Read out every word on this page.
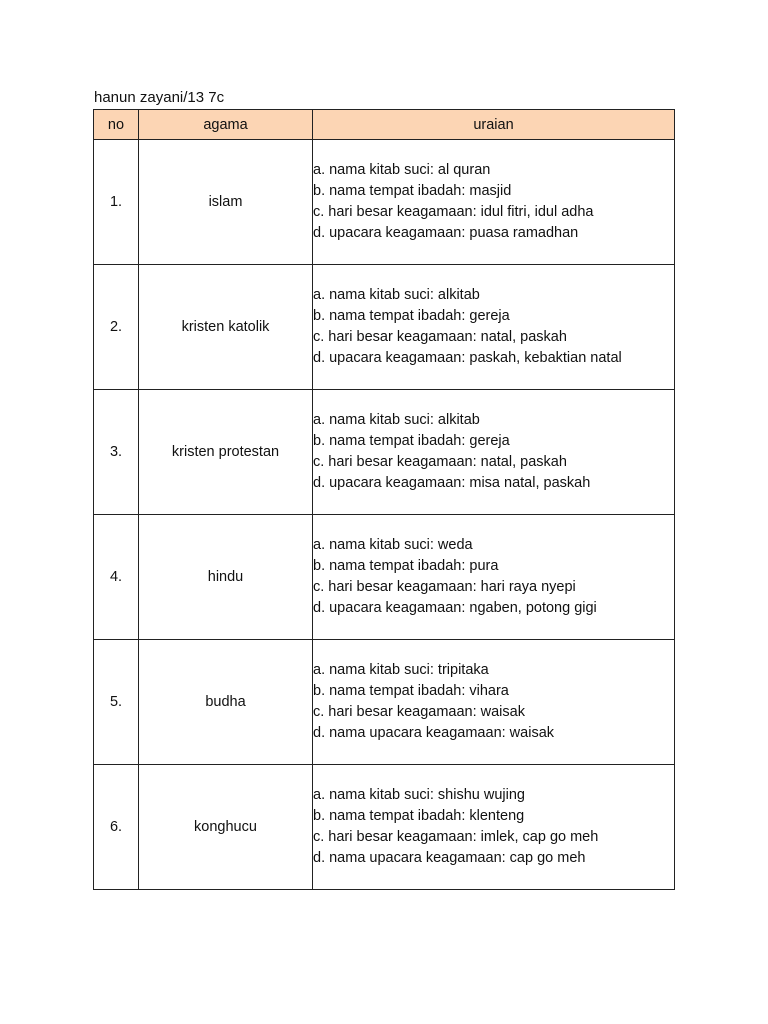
hanun zayani/13 7c
no	agama	uraian
1.	islam	a. nama kitab suci: al quran
b. nama tempat ibadah: masjid
c. hari besar keagamaan: idul fitri, idul adha
d. upacara keagamaan: puasa ramadhan

2.	kristen katolik	a. nama kitab suci: alkitab
b. nama tempat ibadah: gereja
c. hari besar keagamaan: natal, paskah
d. upacara keagamaan: paskah, kebaktian natal

3.	kristen protestan	a. nama kitab suci: alkitab
b. nama tempat ibadah: gereja
c. hari besar keagamaan: natal, paskah
d. upacara keagamaan: misa natal, paskah

4.	hindu	a. nama kitab suci: weda
b. nama tempat ibadah: pura
c. hari besar keagamaan: hari raya nyepi
d. upacara keagamaan: ngaben, potong gigi

5.	budha	a. nama kitab suci: tripitaka
b. nama tempat ibadah: vihara
c. hari besar keagamaan: waisak
d. nama upacara keagamaan: waisak

6.	konghucu	a. nama kitab suci: shishu wujing
b. nama tempat ibadah: klenteng
c. hari besar keagamaan: imlek, cap go meh
d. nama upacara keagamaan: cap go meh
